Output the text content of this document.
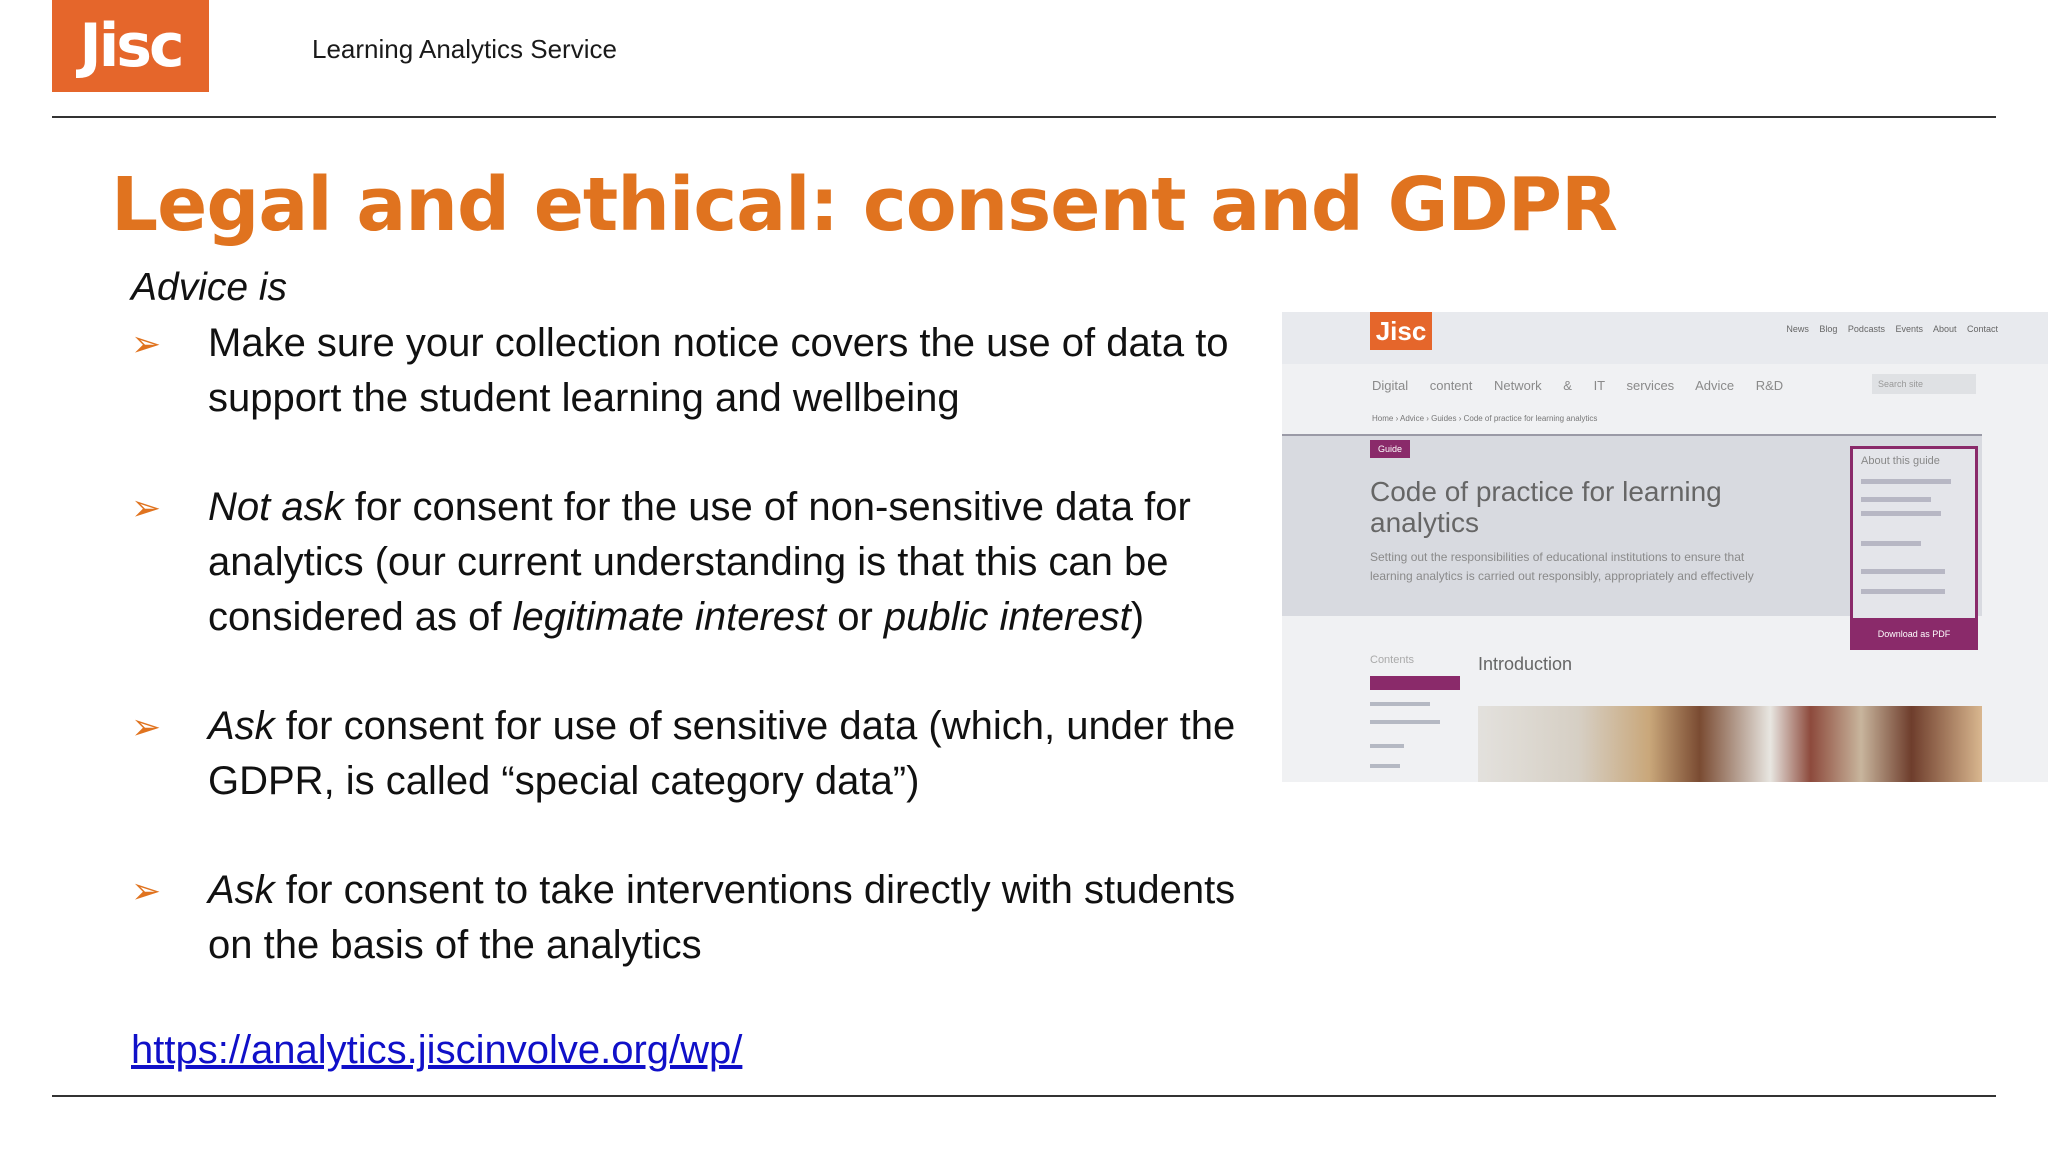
Jisc	Learning Analytics Service
Legal and ethical: consent and GDPR
Advice is
➢ Make sure your collection notice covers the use of data to support the student learning and wellbeing
➢ Not ask for consent for the use of non-sensitive data for analytics (our current understanding is that this can be considered as of legitimate interest or public interest)
➢ Ask for consent for use of sensitive data (which, under the GDPR, is called “special category data”)
➢ Ask for consent to take interventions directly with students on the basis of the analytics
https://analytics.jiscinvolve.org/wp/
Jisc	News Blog Podcasts Events About Contact
Digital content Network & IT services Advice R&D	Search site
Home › Advice › Guides › Code of practice for learning analytics
Guide
Code of practice for learning analytics
Setting out the responsibilities of educational institutions to ensure that learning analytics is carried out responsibly, appropriately and effectively
About this guide
Download as PDF
Contents	Introduction
